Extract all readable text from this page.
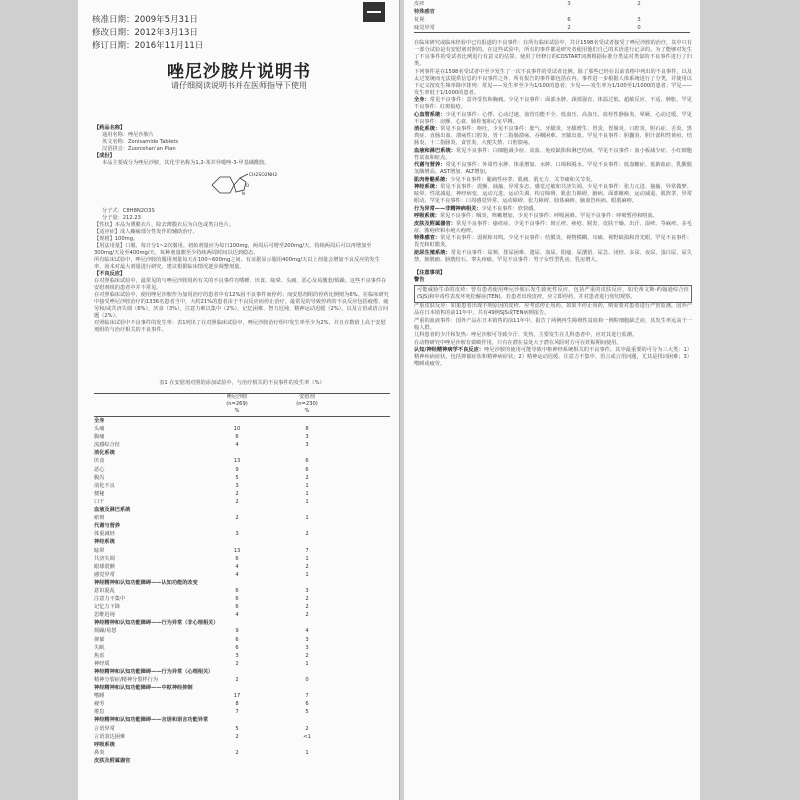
核准日期：2009年5月31日
修改日期：2012年3月13日
修订日期：2016年11月11日
唑尼沙胺片说明书
请仔细阅读说明书并在医师指导下使用

【药品名称】

通用名称：唑尼沙胺片

英文名称：Zonisamide Tablets

汉语拼音：Zuonishan'an Pian

【成份】

本品主要成分为唑尼沙胺，其化学名称为1,2-苯并异噁唑-3-甲基磺酰胺。

CH2SO2NH2
N
O

分子式：C8H8N2O3S

分子量：212.23

【性状】本品为薄膜衣片，除去薄膜衣后为白色或类白色片。

【适应症】成人癫痫部分性发作的辅助治疗。

【规格】100mg。

【用法用量】口服，每日分1~2次服用。初始剂量应为每日100mg，两周后可增至200mg/天，持续两周后可以再增加至300mg/天及至400mg/天，每种剂量都至少持续两周时间以达到稳态。

所有临床试验中，唑尼沙胺的服用剂量每天在100~600mg之间。有证据显示服用400mg/天以上剂量会增加不良反应的发生率，尚未对最大剂量进行研究，建议根据临床情况逐步调整剂量。

【不良反应】

在对照临床试验中，最常见的与唑尼沙胺用药有关的不良事件有嗜睡、厌食、眩晕、头痛、恶心及易激惹/烦躁。这些不良事件在安慰剂组的患者中并不常见。

在对照临床试验中，使用唑尼沙胺作为加用治疗的患者中有12%因不良事件而停药；而安慰剂组的停药比例则为6%。在临床研究中接受唑尼沙胺治疗的1336名患者当中，大约21%的患者由于不良反应而停止治疗。最常见的导致停药的不良反应包括疲倦、疲劳和/或共济失调（6%），厌食（3%），注意力难以集中（2%），记忆困难、智力迟钝、精神运动迟缓（2%），以及言语或语言问题（2%）。

对照临床试验中不良事件的发生率：表1列出了在对照临床试验中，唑尼沙胺治疗组中发生率至少为2%，并且在数值上高于安慰剂组的与治疗相关的不良事件。

表1 在安慰剂对照的添加试验中，与治疗相关的不良事件的发生率（%）
唑尼沙胺
(n=269)
%
安慰剂
(n=230)
%
全身
头痛	10	8
腹痛	6	3
流感综合征	4	3
消化系统
厌食	13	6
恶心	9	6
腹泻	5	2
消化不良	3	1
便秘	2	1
口干	2	1
血液及淋巴系统
瘀斑	2	1
代谢与营养
体重减轻	3	2
神经系统
眩晕	13	7
共济失调	6	1
眼球震颤	4	2
感觉异常	4	1
神经精神和认知功能障碍——认知功能的改变
意识混乱	6	3
注意力不集中	6	2
记忆力下降	6	2
思维迟钝	4	2
神经精神和认知功能障碍——行为异常（非心理相关）
烦躁/易怒	9	4
抑郁	6	3
失眠	6	3
焦虑	3	2
神经质	2	1
神经精神和认知功能障碍——行为异常（心理相关）
精神分裂症/精神分裂样行为	2	0
神经精神和认知功能障碍——中枢神经抑制
嗜睡	17	7
疲劳	8	6
倦怠	7	5
神经精神和认知功能障碍——言语和语言功能异常
言语异常	5	2
言语表达困难	2	<1
呼吸系统
鼻炎	2	1
皮肤及附属器官
皮疹	3	2
特殊感官
复视	6	3
味觉异常	2	0

在临床研究或临床经验中已有报道的不良事件：在所有临床试验中，共计1598名受试者接受了唑尼沙胺的治疗，其中只有一部分试验是有安慰剂对照的。在这些试验中，所有的事件都是研究者使用他们自己的术语进行记录的。为了能够对发生了不良事件的受试者比例进行有意义的估算，使用了经修订的COSTART词典根据标准分类法对类似的不良事件进行了归类。

下列事件是在1598名受试者中至少发生了一次不良事件的受试者比例。除了那些已经在以前表格中列出的不良事件，以及太过笼统而无法提供信息的不良事件之外，所有报告的事件都包括在内。事件进一步根据人体系统进行了分类，并使用以下定义按发生频率降序排列：常见——发生率至少为1/100的患者；少见——发生率为1/100至1/1000的患者；罕见——发生率低于1/1000的患者。

全身：常见不良事件：意外受伤和胸痛。少见不良事件：面部水肿、颈部强直、体温过低、超敏反应、不适、肿胀。罕见不良事件：红斑狼疮。

心血管系统：少见不良事件：心悸、心动过速、血管功能不全、低血压、高血压、血栓性静脉炎、晕厥、心动过缓。罕见不良事件：房颤、心衰、肺栓塞和心室早搏。

消化系统：常见不良事件：呕吐。少见不良事件：胀气、牙龈炎、牙龈增生、胃炎、胃肠炎、口腔炎、胆石症、舌炎、黑粪症、直肠出血、溃疡性口腔炎、胃十二指肠溃疡、吞咽困难、牙龈出血。罕见不良事件：胆囊炎、胆汁淤积性黄疸、结肠炎、十二指肠炎、食管炎、大便失禁、口腔溃疡。

血液和淋巴系统：常见不良事件：白细胞减少症、贫血、免疫缺陷和淋巴结病。罕见不良事件：血小板减少症、小红细胞性贫血和瘀点。

代谢与营养：常见不良事件：外周性水肿、体重增加、水肿、口渴和脱水。罕见不良事件：低血糖症、低钠血症、乳酸脱氢酶增高、AST增加、ALT增加。

肌肉骨骼系统：少见不良事件：腿痛性痉挛、肌痛、肌无力、关节痛和关节炎。

神经系统：常见不良事件：震颤、抽搐、异常步态、感觉过敏和共济失调。少见不良事件：张力亢进、抽搐、异常做梦、眩晕、性欲减退、神经病变、运动亢进、运动失调、构音障碍、肌张力障碍、脑病、面部瘫痪、运动减退、肌阵挛、异常眼动。罕见不良事件：口周感觉异常、运动障碍、张力障碍、肢体麻痹、脑血管疾病、眼肌麻痹。

行为异常——非精神病相关：少见不良事件：欣快感。

呼吸系统：常见不良事件：咽炎、咳嗽增加。少见不良事件：呼吸困难。罕见不良事件：呼吸暂停和咯血。

皮肤及附属器官：常见不良事件：瘙痒症。少见不良事件：斑丘疹、痤疮、脱发、皮肤干燥、出汗、湿疹、荨麻疹、多毛症、脓疱疹和水疱大疱疹。

特殊感官：常见不良事件：弱视和耳鸣。少见不良事件：结膜炎、视物模糊、耳痛、视野缺损和青光眼。罕见不良事件：畏光和虹膜炎。

泌尿生殖系统：常见不良事件：尿频、排尿困难、遗尿、血尿、阳痿、尿潴留、尿急、闭经、多尿、夜尿、蛋白尿、尿失禁、膀胱痛、膀胱结石、睾丸疼痛。罕见不良事件：男子女性型乳房、乳房增大。

【注意事项】

警告

可能威胁生命的皮疹：曾有患者使用唑尼沙胺后发生致死性反应，包括严重的皮肤反应，如史蒂文斯-约翰逊综合征(SJS)和中毒性表皮坏死松解症(TEN)。若患者出现皮疹，应立即停药，并对患者进行密切观察。

严重皮肤反应：如果患者出现不明原因的皮疹，应考虑停止用药。如果不停止用药，则需要对患者进行严密监测。国外产品在日本销售的前11年中，共有49例SJS或TEN病例报告。

严重的血液事件：国外产品在日本销售的前11年中，报告了两例再生障碍性贫血和一例粒细胞缺乏症，其发生率远高于一般人群。

儿科患者的少汗和发热：唑尼沙胺可导致少汗、发热，主要发生在儿科患者中，应对其进行监测。

在动物研究中唑尼沙胺有致畸作用，只有在潜在益处大于潜在风险时方可在妊娠期间使用。

认知/神经精神病学不良反应：唑尼沙胺的使用可能导致中枢神经系统相关的不良事件。其中最重要的可分为三大类：1）精神疾病症状，包括抑郁症状和精神病症状；2）精神运动迟缓、注意力不集中、语言或言语问题，尤其是找词困难；3）嗜睡或疲劳。
